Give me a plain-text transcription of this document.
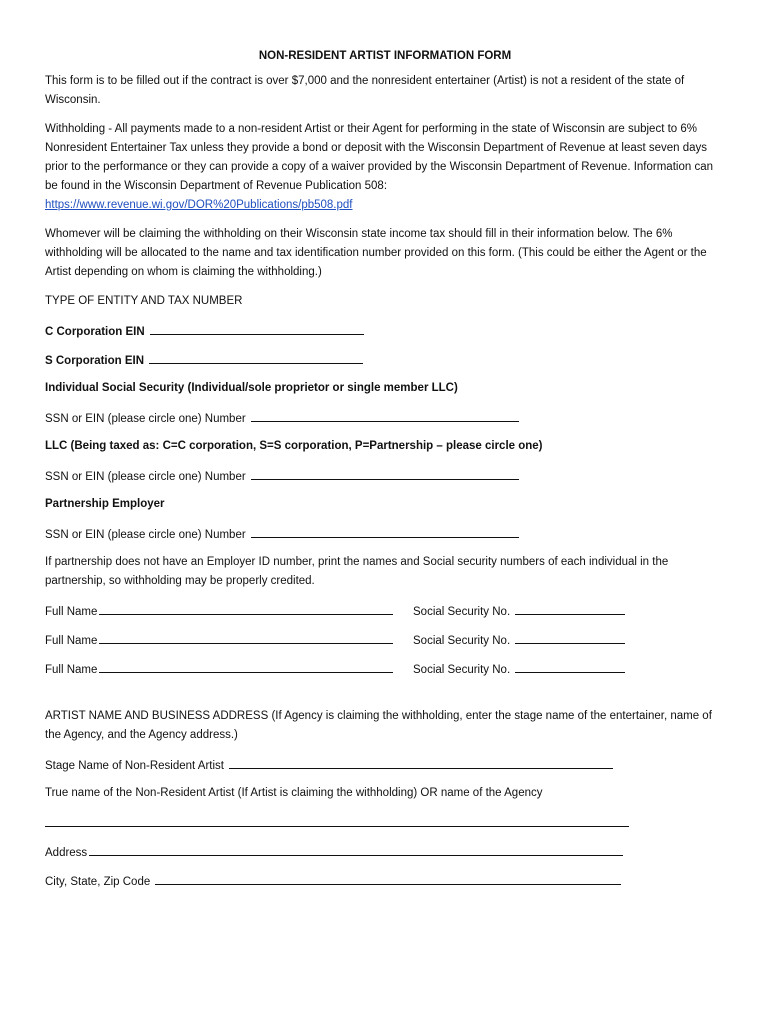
NON-RESIDENT ARTIST INFORMATION FORM

This form is to be filled out if the contract is over $7,000 and the nonresident entertainer (Artist) is not a resident of the state of Wisconsin.

Withholding - All payments made to a non-resident Artist or their Agent for performing in the state of Wisconsin are subject to 6% Nonresident Entertainer Tax unless they provide a bond or deposit with the Wisconsin Department of Revenue at least seven days prior to the performance or they can provide a copy of a waiver provided by the Wisconsin Department of Revenue. Information can be found in the Wisconsin Department of Revenue Publication 508:
https://www.revenue.wi.gov/DOR%20Publications/pb508.pdf

Whomever will be claiming the withholding on their Wisconsin state income tax should fill in their information below. The 6% withholding will be allocated to the name and tax identification number provided on this form. (This could be either the Agent or the Artist depending on whom is claiming the withholding.)

TYPE OF ENTITY AND TAX NUMBER
C Corporation EIN
S Corporation EIN
Individual Social Security (Individual/sole proprietor or single member LLC)
SSN or EIN (please circle one) Number
LLC (Being taxed as: C=C corporation, S=S corporation, P=Partnership – please circle one)
SSN or EIN (please circle one) Number
Partnership Employer
SSN or EIN (please circle one) Number

If partnership does not have an Employer ID number, print the names and Social security numbers of each individual in the partnership, so withholding may be properly credited.

Full Name	Social Security No.
Full Name	Social Security No.
Full Name	Social Security No.

ARTIST NAME AND BUSINESS ADDRESS (If Agency is claiming the withholding, enter the stage name of the entertainer, name of the Agency, and the Agency address.)

Stage Name of Non-Resident Artist
True name of the Non-Resident Artist (If Artist is claiming the withholding) OR name of the Agency
Address
City, State, Zip Code
